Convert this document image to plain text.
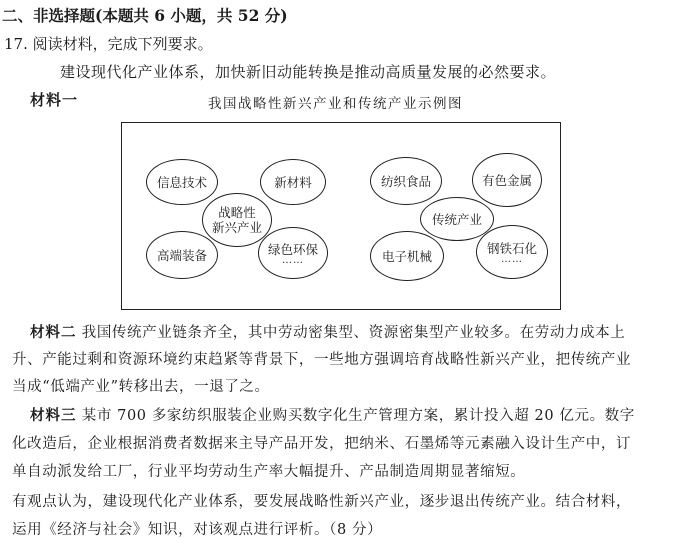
二、非选择题(本题共 6 小题，共 52 分)
17. 阅读材料，完成下列要求。
建设现代化产业体系，加快新旧动能转换是推动高质量发展的必然要求。
材料一	我国战略性新兴产业和传统产业示例图
信息技术	新材料
战略性
新兴产业
高端装备	绿色环保
……
纺织食品	有色金属
传统产业
电子机械
钢铁石化
……
材料二 我国传统产业链条齐全，其中劳动密集型、资源密集型产业较多。在劳动力成本上
升、产能过剩和资源环境约束趋紧等背景下，一些地方强调培育战略性新兴产业，把传统产业
当成“低端产业”转移出去，一退了之。
材料三 某市 700 多家纺织服装企业购买数字化生产管理方案，累计投入超 20 亿元。数字
化改造后，企业根据消费者数据来主导产品开发，把纳米、石墨烯等元素融入设计生产中，订
单自动派发给工厂，行业平均劳动生产率大幅提升、产品制造周期显著缩短。
有观点认为，建设现代化产业体系，要发展战略性新兴产业，逐步退出传统产业。结合材料，
运用《经济与社会》知识，对该观点进行评析。（8 分）
